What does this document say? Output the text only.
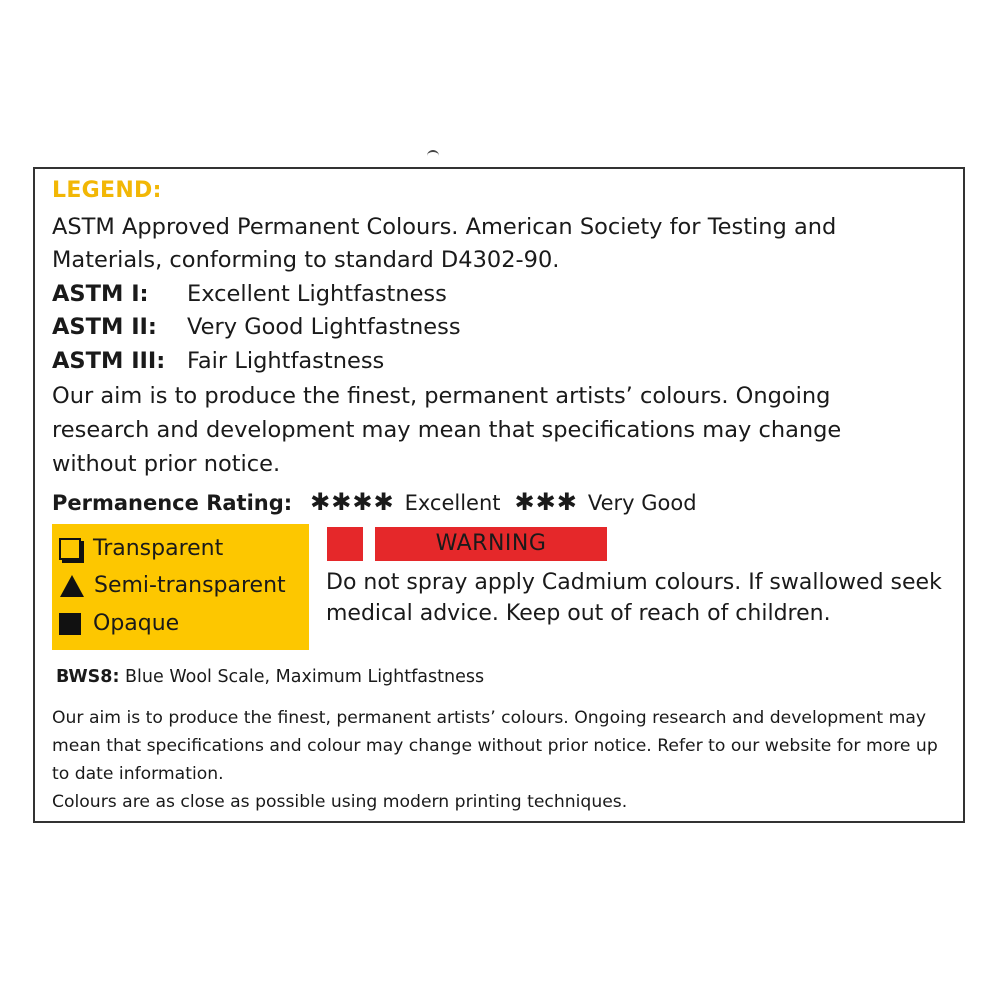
LEGEND:

ASTM Approved Permanent Colours. American Society for Testing and Materials, conforming to standard D4302-90.

ASTM I: Excellent Lightfastness
ASTM II: Very Good Lightfastness
ASTM III: Fair Lightfastness

Our aim is to produce the finest, permanent artists’ colours. Ongoing research and development may mean that specifications may change without prior notice.

Permanence Rating: ✱✱✱✱ Excellent ✱✱✱ Very Good
Transparent
Semi-transparent
Opaque
WARNING

Do not spray apply Cadmium colours. If swallowed seek medical advice. Keep out of reach of children.

BWS8: Blue Wool Scale, Maximum Lightfastness
Our aim is to produce the finest, permanent artists’ colours. Ongoing research and development may mean that specifications and colour may change without prior notice. Refer to our website for more up to date information.
Colours are as close as possible using modern printing techniques.
